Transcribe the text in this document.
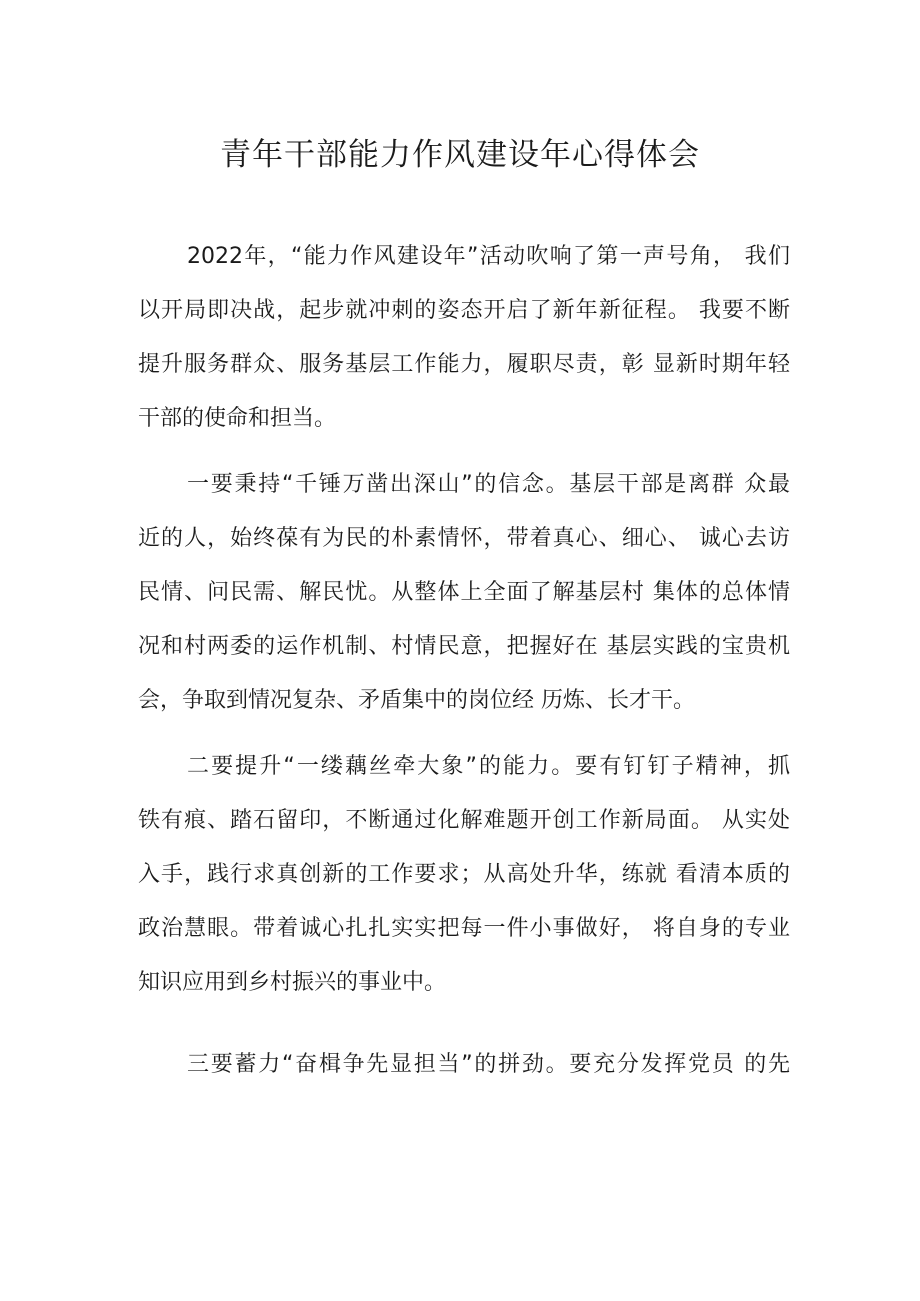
青年干部能力作风建设年心得体会
2022年，“能力作风建设年”活动吹响了第一声号角， 我们
以开局即决战，起步就冲刺的姿态开启了新年新征程。 我要不断
提升服务群众、服务基层工作能力，履职尽责，彰 显新时期年轻
干部的使命和担当。
一要秉持“千锤万凿出深山”的信念。基层干部是离群 众最
近的人，始终葆有为民的朴素情怀，带着真心、细心、 诚心去访
民情、问民需、解民忧。从整体上全面了解基层村 集体的总体情
况和村两委的运作机制、村情民意，把握好在 基层实践的宝贵机
会，争取到情况复杂、矛盾集中的岗位经 历炼、长才干。
二要提升“一缕藕丝牵大象”的能力。要有钉钉子精神，抓
铁有痕、踏石留印，不断通过化解难题开创工作新局面。 从实处
入手，践行求真创新的工作要求；从高处升华，练就 看清本质的
政治慧眼。带着诚心扎扎实实把每一件小事做好， 将自身的专业
知识应用到乡村振兴的事业中。
三要蓄力“奋楫争先显担当”的拼劲。要充分发挥党员 的先
